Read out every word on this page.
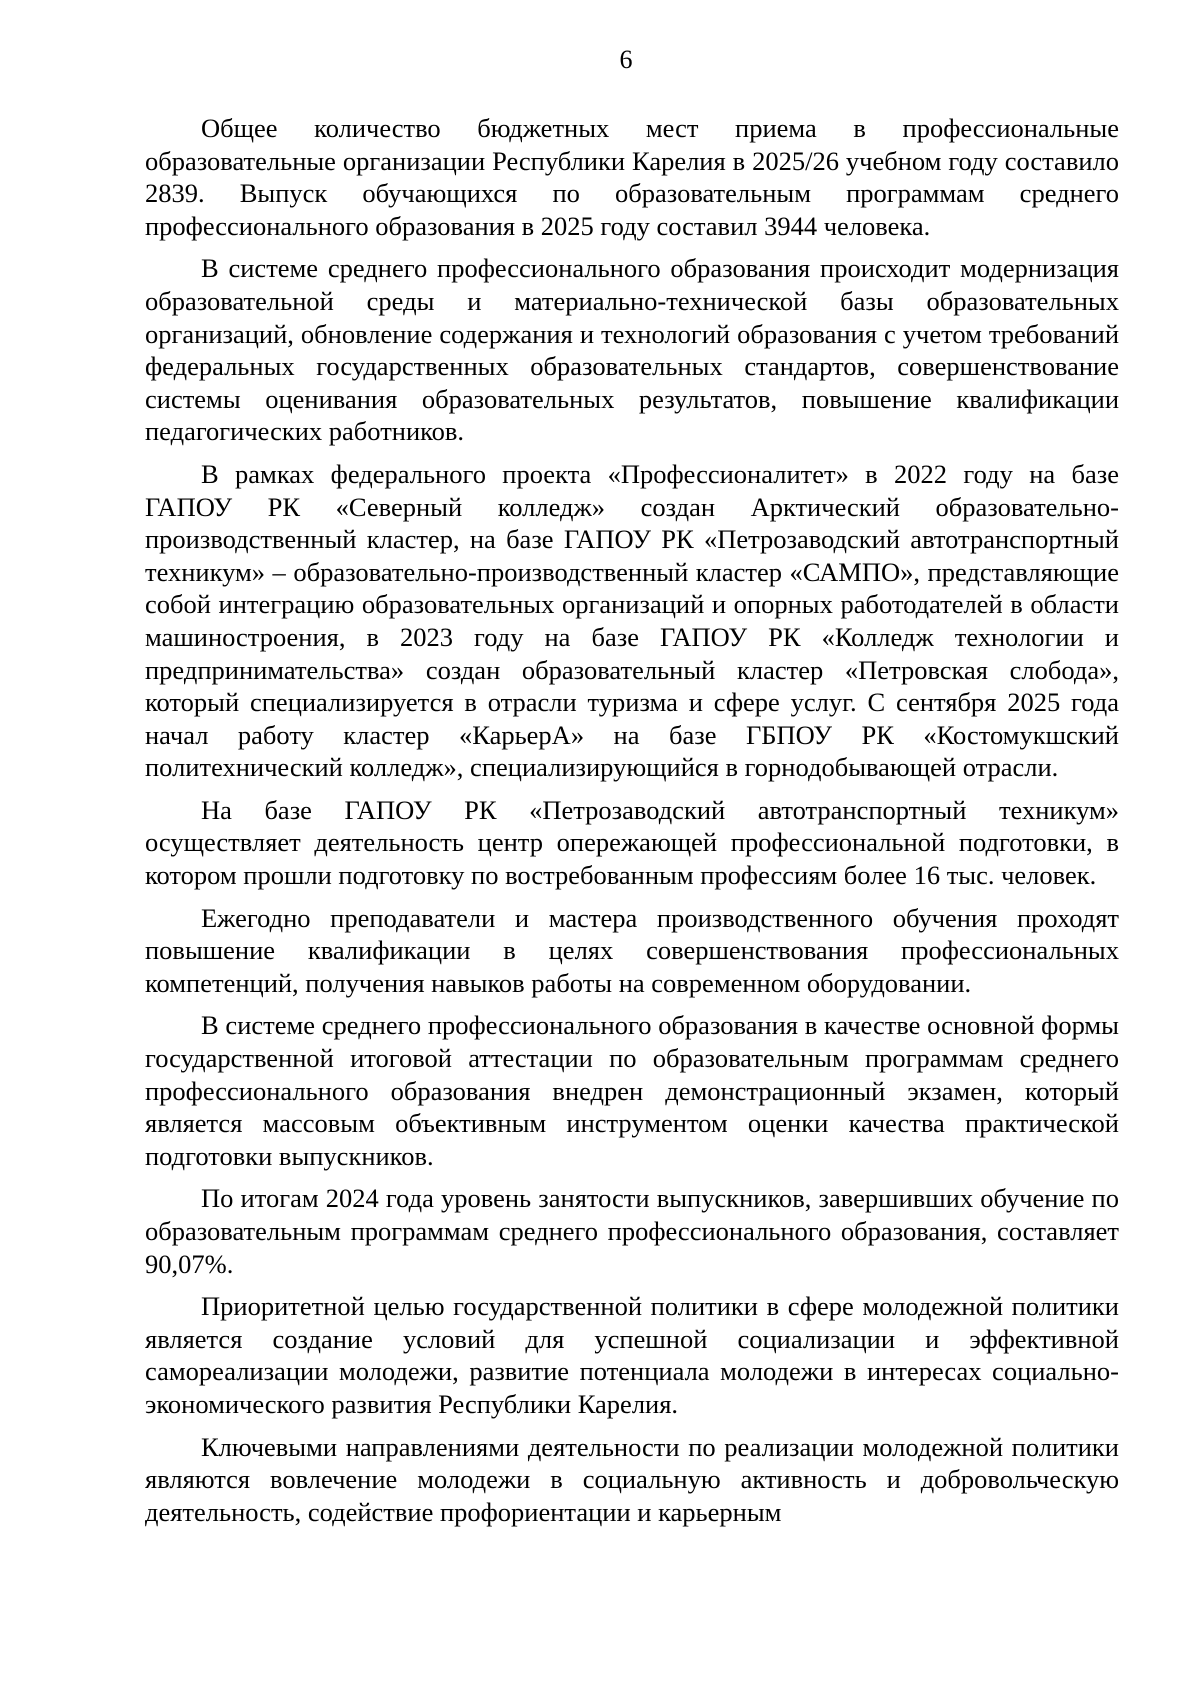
6

Общее количество бюджетных мест приема в профессиональные образовательные организации Республики Карелия в 2025/26 учебном году составило 2839. Выпуск обучающихся по образовательным программам среднего профессионального образования в 2025 году составил 3944 человека.

В системе среднего профессионального образования происходит модернизация образовательной среды и материально-технической базы образовательных организаций, обновление содержания и технологий образования с учетом требований федеральных государственных образовательных стандартов, совершенствование системы оценивания образовательных результатов, повышение квалификации педагогических работников.

В рамках федерального проекта «Профессионалитет» в 2022 году на базе ГАПОУ РК «Северный колледж» создан Арктический образовательно-производственный кластер, на базе ГАПОУ РК «Петрозаводский автотранспортный техникум» – образовательно-производственный кластер «САМПО», представляющие собой интеграцию образовательных организаций и опорных работодателей в области машиностроения, в 2023 году на базе ГАПОУ РК «Колледж технологии и предпринимательства» создан образовательный кластер «Петровская слобода», который специализируется в отрасли туризма и сфере услуг. С сентября 2025 года начал работу кластер «КарьерА» на базе ГБПОУ РК «Костомукшский политехнический колледж», специализирующийся в горнодобывающей отрасли.

На базе ГАПОУ РК «Петрозаводский автотранспортный техникум» осуществляет деятельность центр опережающей профессиональной подготовки, в котором прошли подготовку по востребованным профессиям более 16 тыс. человек.

Ежегодно преподаватели и мастера производственного обучения проходят повышение квалификации в целях совершенствования профессиональных компетенций, получения навыков работы на современном оборудовании.

В системе среднего профессионального образования в качестве основной формы государственной итоговой аттестации по образовательным программам среднего профессионального образования внедрен демонстрационный экзамен, который является массовым объективным инструментом оценки качества практической подготовки выпускников.

По итогам 2024 года уровень занятости выпускников, завершивших обучение по образовательным программам среднего профессионального образования, составляет 90,07%.

Приоритетной целью государственной политики в сфере молодежной политики является создание условий для успешной социализации и эффективной самореализации молодежи, развитие потенциала молодежи в интересах социально-экономического развития Республики Карелия.

Ключевыми направлениями деятельности по реализации молодежной политики являются вовлечение молодежи в социальную активность и добровольческую деятельность, содействие профориентации и карьерным
